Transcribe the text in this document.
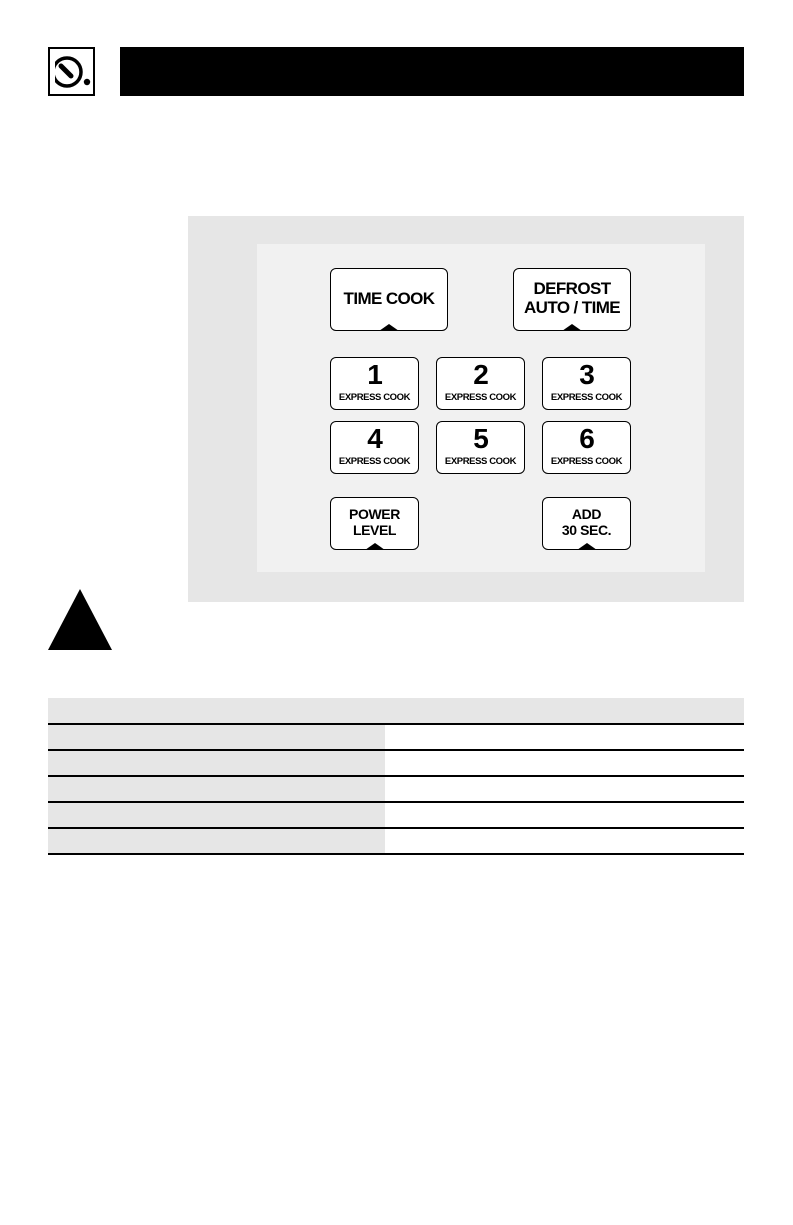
TIME COOK
DEFROST
AUTO / TIME
1
EXPRESS COOK
2
EXPRESS COOK
3
EXPRESS COOK
4
EXPRESS COOK
5
EXPRESS COOK
6
EXPRESS COOK
POWER
LEVEL
ADD
30 SEC.
